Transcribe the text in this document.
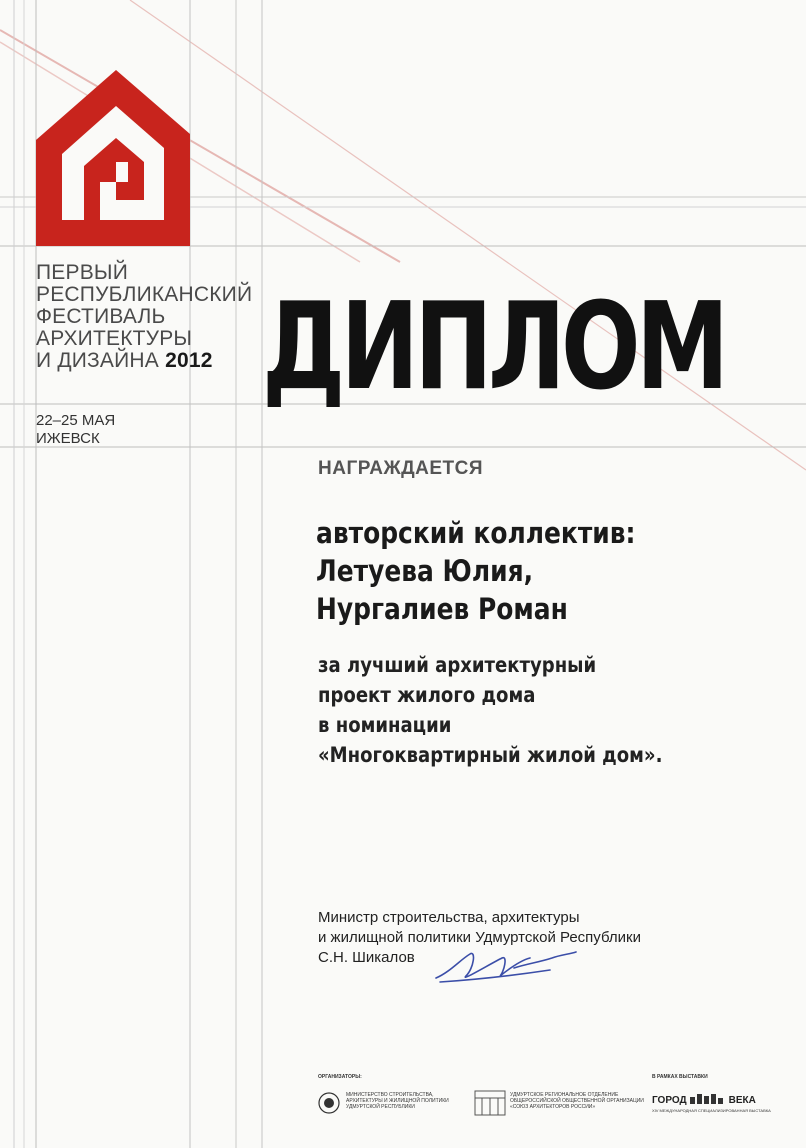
ПЕРВЫЙ
РЕСПУБЛИКАНСКИЙ
ФЕСТИВАЛЬ
АРХИТЕКТУРЫ
И ДИЗАЙНА 2012
22–25 МАЯ
ИЖЕВСК
ДИПЛОМ
НАГРАЖДАЕТСЯ
авторский коллектив:
Летуева Юлия,
Нургалиев Роман
за лучший архитектурный
проект жилого дома
в номинации
«Многоквартирный жилой дом».
Министр строительства, архитектуры
и жилищной политики Удмуртской Республики
С.Н. Шикалов
ОРГАНИЗАТОРЫ:
МИНИСТЕРСТВО СТРОИТЕЛЬСТВА,
АРХИТЕКТУРЫ И ЖИЛИЩНОЙ ПОЛИТИКИ
УДМУРТСКОЙ РЕСПУБЛИКИ
УДМУРТСКОЕ РЕГИОНАЛЬНОЕ ОТДЕЛЕНИЕ
ОБЩЕРОССИЙСКОЙ ОБЩЕСТВЕННОЙ ОРГАНИЗАЦИИ
«СОЮЗ АРХИТЕКТОРОВ РОССИИ»
В РАМКАХ ВЫСТАВКИ
ГОРОД	ВЕКА
XIV МЕЖДУНАРОДНАЯ СПЕЦИАЛИЗИРОВАННАЯ ВЫСТАВКА
